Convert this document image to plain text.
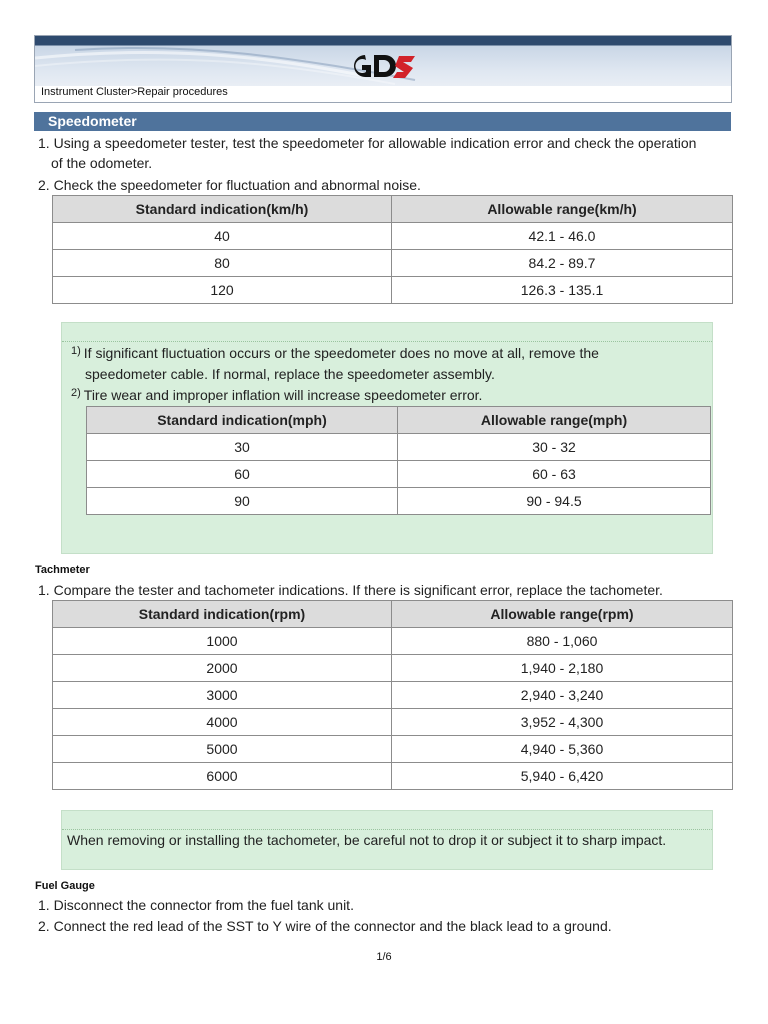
Instrument Cluster>Repair procedures
Speedometer
1. Using a speedometer tester, test the speedometer for allowable indication error and check the operation
of the odometer.
2. Check the speedometer for fluctuation and abnormal noise.
Standard indication(km/h)	Allowable range(km/h)
40	42.1 - 46.0
80	84.2 - 89.7
120	126.3 - 135.1
$^{1)}$ If significant fluctuation occurs or the speedometer does no move at all, remove the
speedometer cable. If normal, replace the speedometer assembly.
$^{2)}$ Tire wear and improper inflation will increase speedometer error.
Standard indication(mph)	Allowable range(mph)
30	30 - 32
60	60 - 63
90	90 - 94.5
Tachmeter
1. Compare the tester and tachometer indications. If there is significant error, replace the tachometer.
Standard indication(rpm)	Allowable range(rpm)
1000	880 - 1,060
2000	1,940 - 2,180
3000	2,940 - 3,240
4000	3,952 - 4,300
5000	4,940 - 5,360
6000	5,940 - 6,420
When removing or installing the tachometer, be careful not to drop it or subject it to sharp impact.
Fuel Gauge
1. Disconnect the connector from the fuel tank unit.
2. Connect the red lead of the SST to Y wire of the connector and the black lead to a ground.
1/6
